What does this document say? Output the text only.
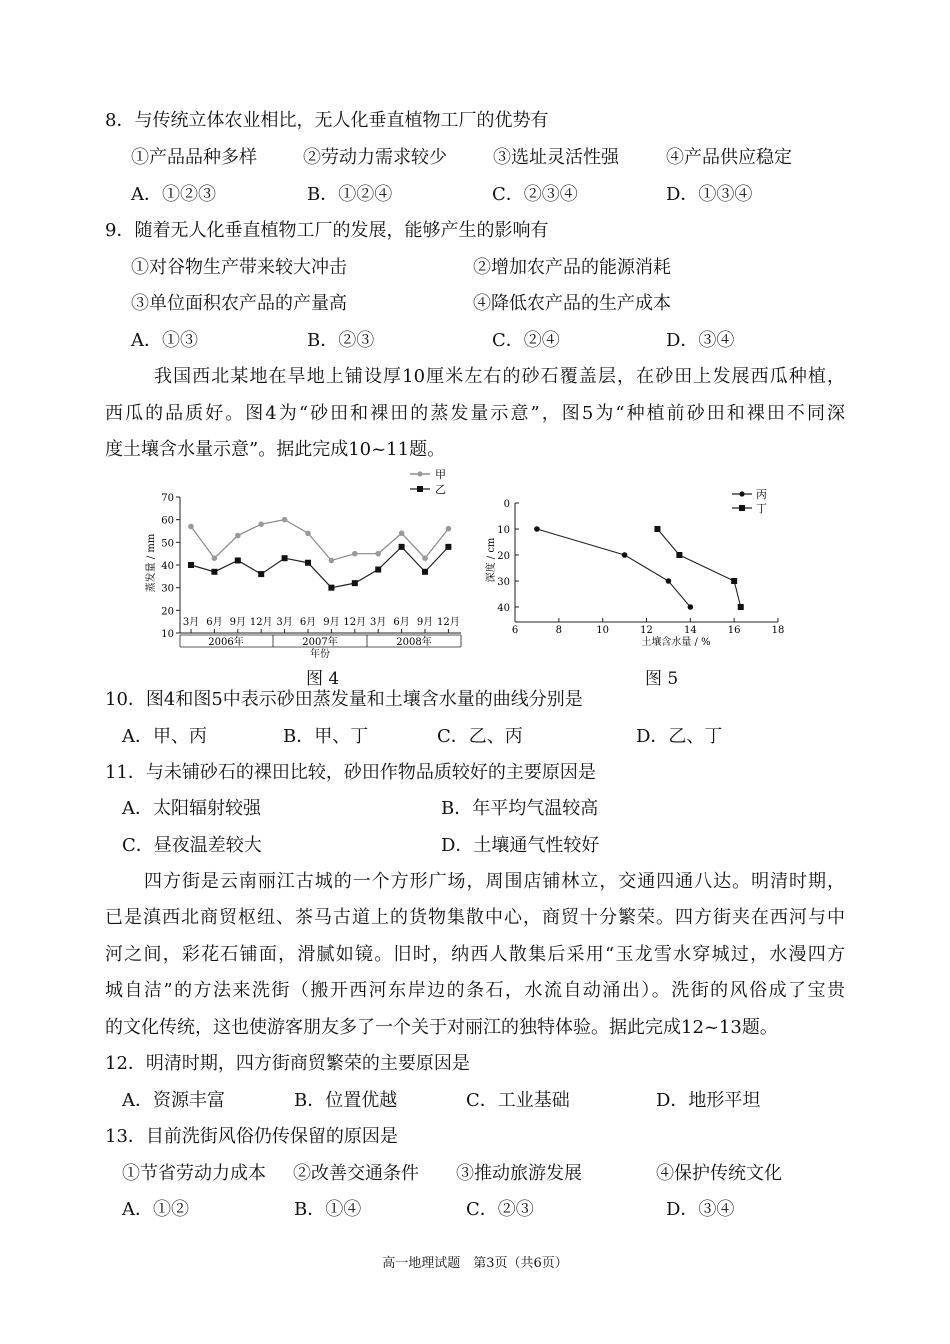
8．与传统立体农业相比，无人化垂直植物工厂的优势有
①产品品种多样	②劳动力需求较少	③选址灵活性强	④产品供应稳定
A．①②③	B．①②④	C．②③④	D．①③④
9．随着无人化垂直植物工厂的发展，能够产生的影响有
①对谷物生产带来较大冲击	②增加农产品的能源消耗
③单位面积农产品的产量高	④降低农产品的生产成本
A．①③	B．②③	C．②④	D．③④
我国西北某地在旱地上铺设厚10厘米左右的砂石覆盖层，在砂田上发展西瓜种植，
西瓜的品质好。图4为“砂田和裸田的蒸发量示意”，图5为“种植前砂田和裸田不同深
度土壤含水量示意”。据此完成10~11题。
70
60
50
40
30
20
10
3月 6月 9月 12月 3月 6月 9月 12月 3月 6月 9月 12月
2006年	2007年	2008年
年份
蒸发量 / mm
甲
乙
图 4
0
10
20
30
40
6	8	10	12	14	16	18
土壤含水量 / %
深度 / cm
丙
丁
图 5
10．图4和图5中表示砂田蒸发量和土壤含水量的曲线分别是
A．甲、丙	B．甲、丁	C．乙、丙	D．乙、丁
11．与未铺砂石的裸田比较，砂田作物品质较好的主要原因是
A．太阳辐射较强	B．年平均气温较高
C．昼夜温差较大	D．土壤通气性较好
四方街是云南丽江古城的一个方形广场，周围店铺林立，交通四通八达。明清时期，
已是滇西北商贸枢纽、茶马古道上的货物集散中心，商贸十分繁荣。四方街夹在西河与中
河之间，彩花石铺面，滑腻如镜。旧时，纳西人散集后采用“玉龙雪水穿城过，水漫四方
城自洁”的方法来洗街（搬开西河东岸边的条石，水流自动涌出）。洗街的风俗成了宝贵
的文化传统，这也使游客朋友多了一个关于对丽江的独特体验。据此完成12~13题。
12．明清时期，四方街商贸繁荣的主要原因是
A．资源丰富	B．位置优越	C．工业基础	D．地形平坦
13．目前洗街风俗仍传保留的原因是
①节省劳动力成本 ②改善交通条件 ③推动旅游发展	④保护传统文化
A．①②	B．①④	C．②③	D．③④
高一地理试题　第3页（共6页）
